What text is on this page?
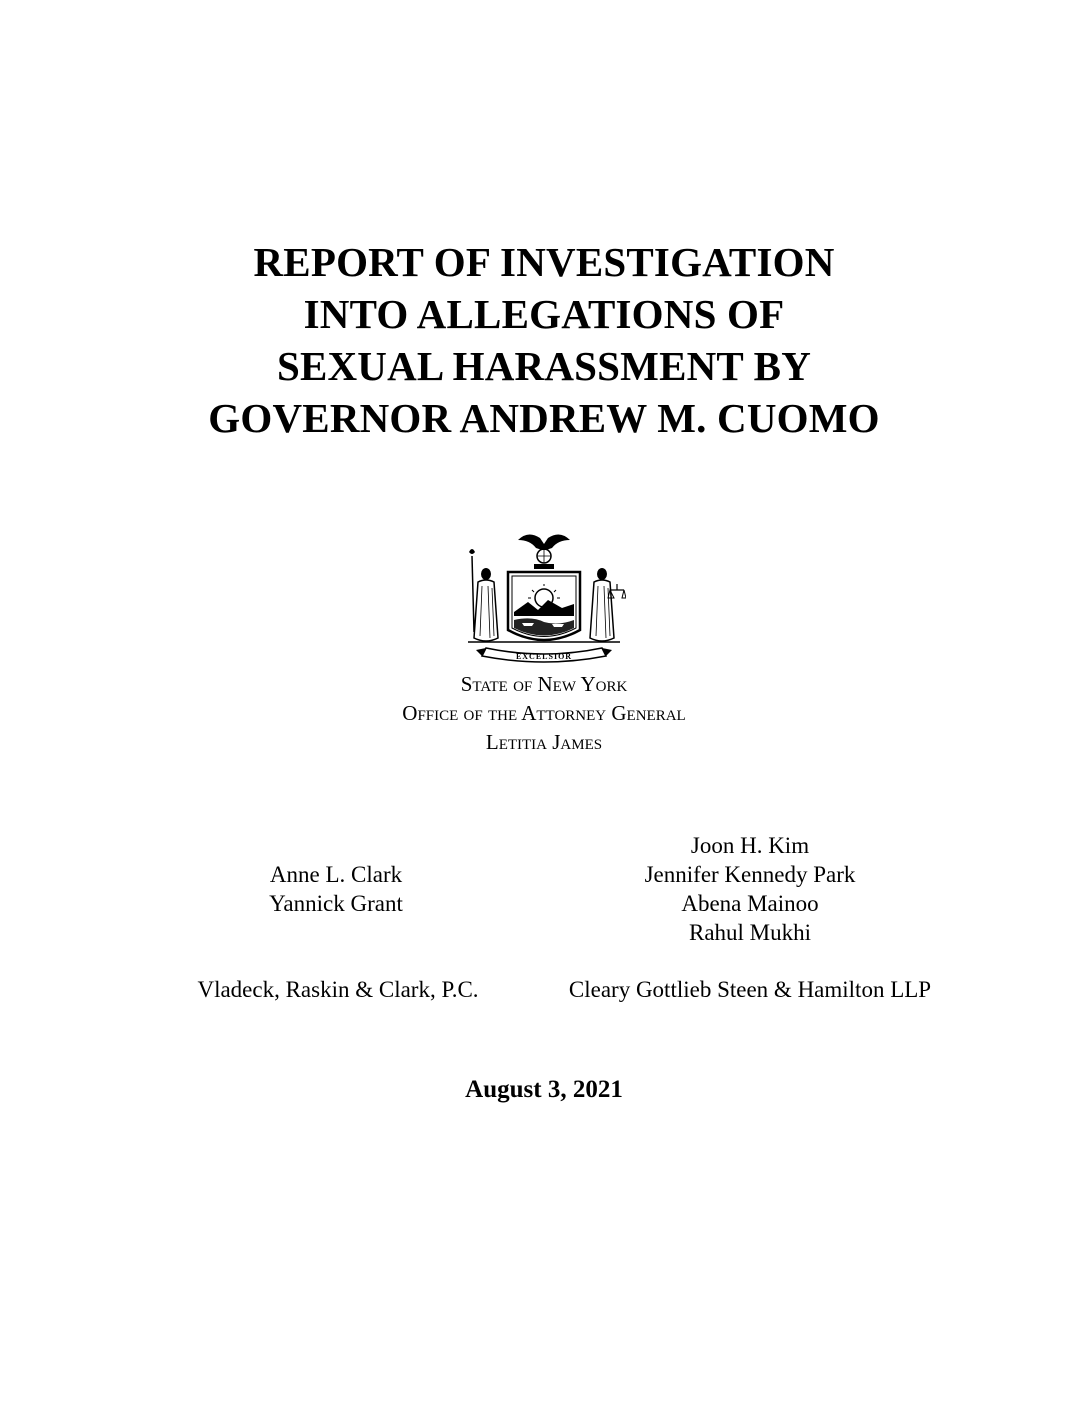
REPORT OF INVESTIGATION
INTO ALLEGATIONS OF
SEXUAL HARASSMENT BY
GOVERNOR ANDREW M. CUOMO
EXCELSIOR
State of New York
Office of the Attorney General
Letitia James
Anne L. Clark
Yannick Grant
Joon H. Kim
Jennifer Kennedy Park
Abena Mainoo
Rahul Mukhi
Vladeck, Raskin & Clark, P.C.	Cleary Gottlieb Steen & Hamilton LLP
August 3, 2021
